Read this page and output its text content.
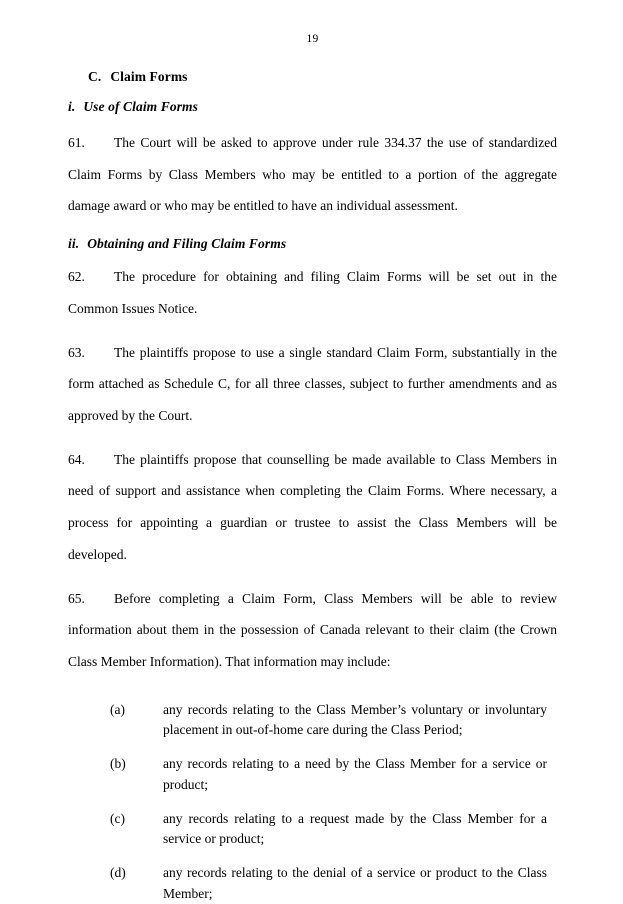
19
C. Claim Forms
i. Use of Claim Forms
61. The Court will be asked to approve under rule 334.37 the use of standardized Claim Forms by Class Members who may be entitled to a portion of the aggregate damage award or who may be entitled to have an individual assessment.
ii. Obtaining and Filing Claim Forms
62. The procedure for obtaining and filing Claim Forms will be set out in the Common Issues Notice.
63. The plaintiffs propose to use a single standard Claim Form, substantially in the form attached as Schedule C, for all three classes, subject to further amendments and as approved by the Court.
64. The plaintiffs propose that counselling be made available to Class Members in need of support and assistance when completing the Claim Forms. Where necessary, a process for appointing a guardian or trustee to assist the Class Members will be developed.
65. Before completing a Claim Form, Class Members will be able to review information about them in the possession of Canada relevant to their claim (the Crown Class Member Information). That information may include:
(a)	any records relating to the Class Member’s voluntary or involuntary placement in out-of-home care during the Class Period;
(b)	any records relating to a need by the Class Member for a service or product;
(c)	any records relating to a request made by the Class Member for a service or product;
(d)	any records relating to the denial of a service or product to the Class Member;
